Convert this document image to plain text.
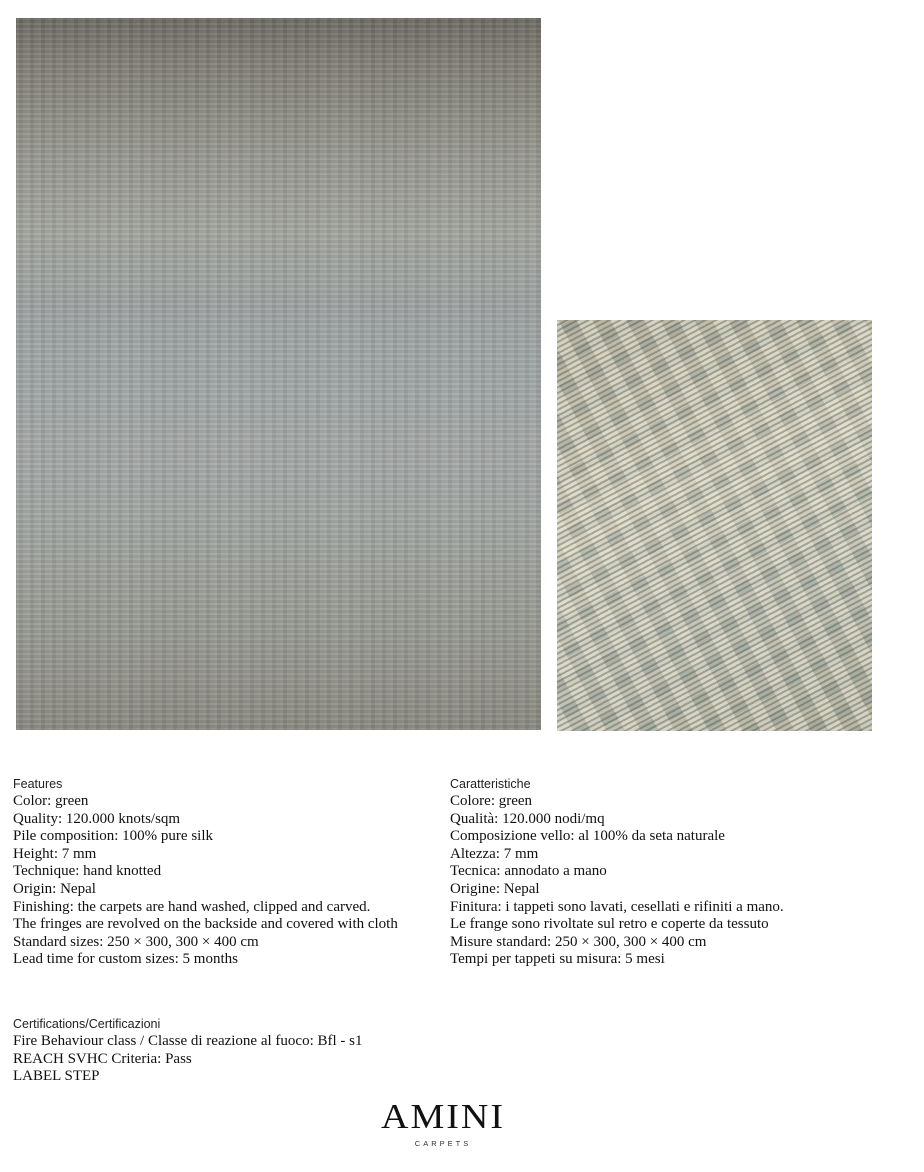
Features
Color: green
Quality: 120.000 knots/sqm
Pile composition: 100% pure silk
Height: 7 mm
Technique: hand knotted
Origin: Nepal
Finishing: the carpets are hand washed, clipped and carved.
The fringes are revolved on the backside and covered with cloth
Standard sizes: 250 × 300, 300 × 400 cm
Lead time for custom sizes: 5 months
Caratteristiche
Colore: green
Qualità: 120.000 nodi/mq
Composizione vello: al 100% da seta naturale
Altezza: 7 mm
Tecnica: annodato a mano
Origine: Nepal
Finitura: i tappeti sono lavati, cesellati e rifiniti a mano.
Le frange sono rivoltate sul retro e coperte da tessuto
Misure standard: 250 × 300, 300 × 400 cm
Tempi per tappeti su misura: 5 mesi
Certifications/Certificazioni
Fire Behaviour class / Classe di reazione al fuoco: Bfl - s1
REACH SVHC Criteria: Pass
LABEL STEP
AMINI
CARPETS
